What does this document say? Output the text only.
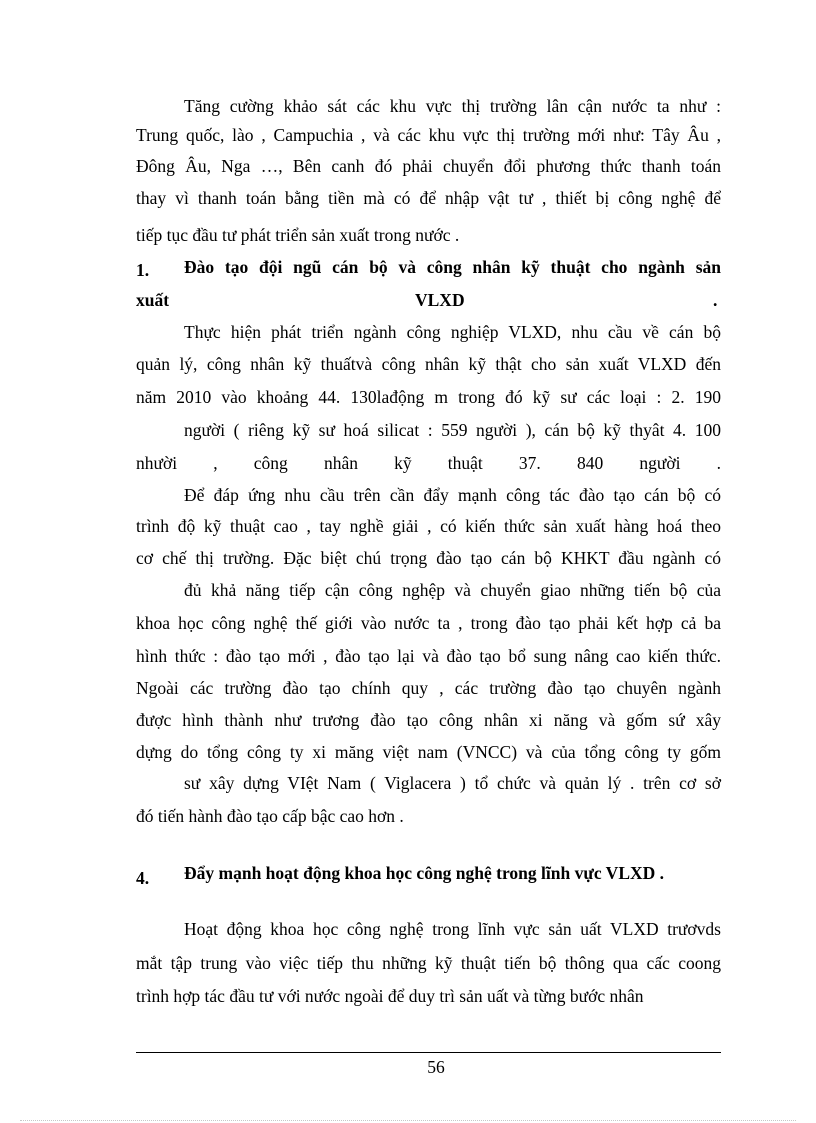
Tăng cường khảo sát các khu vực thị trường lân cận nước ta như :
Trung quốc, lào , Campuchia , và các khu vực thị trường mới như: Tây Âu ,
Đông Âu, Nga …, Bên canh đó phải chuyển đổi phương thức thanh toán
thay vì thanh toán bằng tiền mà có để nhập vật tư , thiết bị công nghệ để
tiếp tục đầu tư phát triển sản xuất trong nước .
1. Đào tạo đội ngũ cán bộ và công nhân kỹ thuật cho ngành sản
xuất	VLXD	.
Thực hiện phát triển ngành công nghiệp VLXD, nhu cầu về cán bộ
quản lý, công nhân kỹ thuấtvà công nhân kỹ thật cho sản xuất VLXD đến
năm 2010 vào khoảng 44. 130lađộng m trong đó kỹ sư các loại : 2. 190
người ( riêng kỹ sư hoá silicat : 559 người ), cán bộ kỹ thyât 4. 100
nhười , công nhân kỹ thuật 37. 840 người .
Để đáp ứng nhu cầu trên cần đẩy mạnh công tác đào tạo cán bộ có
trình độ kỹ thuật cao , tay nghề giải , có kiến thức sản xuất hàng hoá theo
cơ chế thị trường. Đặc biệt chú trọng đào tạo cán bộ KHKT đầu ngành có
đủ khả năng tiếp cận công nghệp và chuyển giao những tiến bộ của
khoa học công nghệ thế giới vào nước ta , trong đào tạo phải kết hợp cả ba
hình thức : đào tạo mới , đào tạo lại và đào tạo bổ sung nâng cao kiến thức.
Ngoài các trường đào tạo chính quy , các trường đào tạo chuyên ngành
được hình thành như trương đào tạo công nhân xi năng và gốm sứ xây
dựng do tổng công ty xi măng việt nam (VNCC) và của tổng công ty gốm
sư xây dựng VIệt Nam ( Viglacera ) tổ chức và quản lý . trên cơ sở
đó tiến hành đào tạo cấp bậc cao hơn .
4. Đẩy mạnh hoạt động khoa học công nghệ trong lĩnh vực VLXD .
Hoạt động khoa học công nghệ trong lĩnh vực sản uất VLXD trươvds
mắt tập trung vào việc tiếp thu những kỹ thuật tiến bộ thông qua cấc coong
trình hợp tác đầu tư với nước ngoài để duy trì sản uất và từng bước nhân
56
